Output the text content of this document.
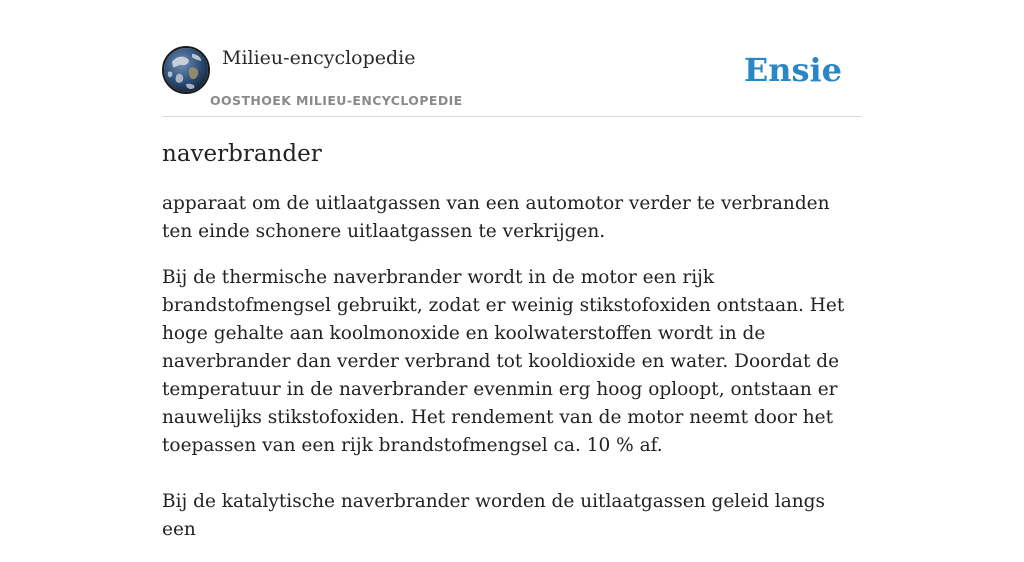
Milieu-encyclopedie
OOSTHOEK MILIEU-ENCYCLOPEDIE
Ensie
naverbrander

apparaat om de uitlaatgassen van een automotor verder te verbranden ten einde schonere uitlaatgassen te verkrijgen.

Bij de thermische naverbrander wordt in de motor een rijk brandstofmengsel gebruikt, zodat er weinig stikstofoxiden ontstaan. Het hoge gehalte aan koolmonoxide en koolwaterstoffen wordt in de naverbrander dan verder verbrand tot kooldioxide en water. Doordat de temperatuur in de naverbrander evenmin erg hoog oploopt, ontstaan er nauwelijks stikstofoxiden. Het rendement van de motor neemt door het toepassen van een rijk brandstofmengsel ca. 10 % af.

Bij de katalytische naverbrander worden de uitlaatgassen geleid langs een
